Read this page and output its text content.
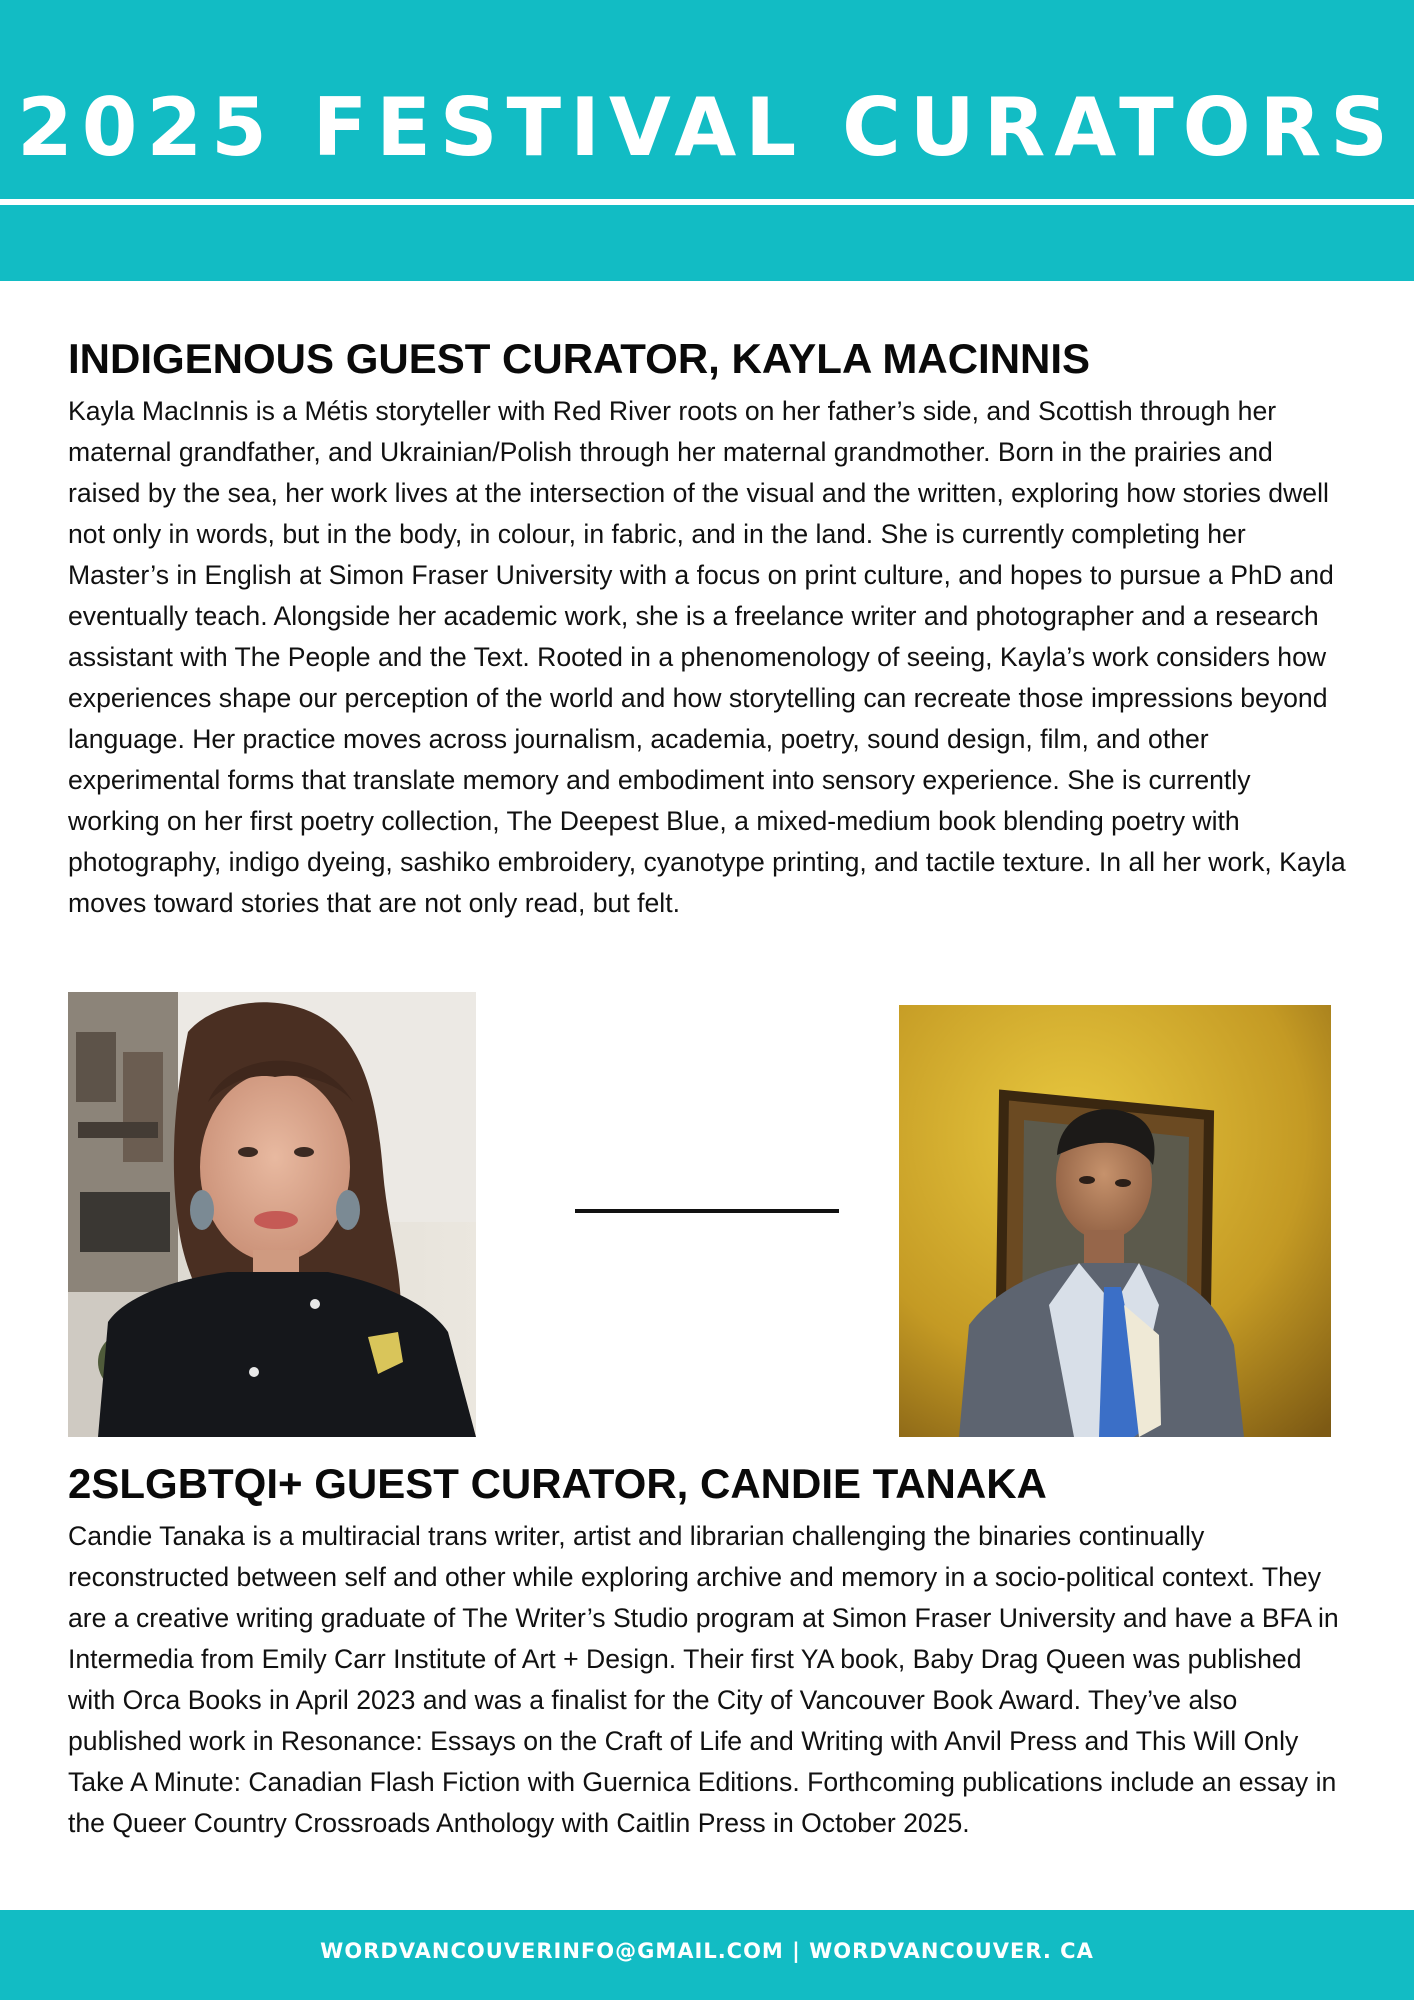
2025 FESTIVAL CURATORS
INDIGENOUS GUEST CURATOR, KAYLA MACINNIS

Kayla MacInnis is a Métis storyteller with Red River roots on her father’s side, and Scottish through her maternal grandfather, and Ukrainian/Polish through her maternal grandmother. Born in the prairies and raised by the sea, her work lives at the intersection of the visual and the written, exploring how stories dwell not only in words, but in the body, in colour, in fabric, and in the land. She is currently completing her Master’s in English at Simon Fraser University with a focus on print culture, and hopes to pursue a PhD and eventually teach. Alongside her academic work, she is a freelance writer and photographer and a research assistant with The People and the Text. Rooted in a phenomenology of seeing, Kayla’s work considers how experiences shape our perception of the world and how storytelling can recreate those impressions beyond language. Her practice moves across journalism, academia, poetry, sound design, film, and other experimental forms that translate memory and embodiment into sensory experience. She is currently working on her first poetry collection, The Deepest Blue, a mixed-medium book blending poetry with photography, indigo dyeing, sashiko embroidery, cyanotype printing, and tactile texture. In all her work, Kayla moves toward stories that are not only read, but felt.

2SLGBTQI+ GUEST CURATOR, CANDIE TANAKA

Candie Tanaka is a multiracial trans writer, artist and librarian challenging the binaries continually reconstructed between self and other while exploring archive and memory in a socio-political context. They are a creative writing graduate of The Writer’s Studio program at Simon Fraser University and have a BFA in Intermedia from Emily Carr Institute of Art + Design. Their first YA book, Baby Drag Queen was published with Orca Books in April 2023 and was a finalist for the City of Vancouver Book Award. They’ve also published work in Resonance: Essays on the Craft of Life and Writing with Anvil Press and This Will Only Take A Minute: Canadian Flash Fiction with Guernica Editions. Forthcoming publications include an essay in the Queer Country Crossroads Anthology with Caitlin Press in October 2025.

WORDVANCOUVERINFO@GMAIL.COM | WORDVANCOUVER. CA
